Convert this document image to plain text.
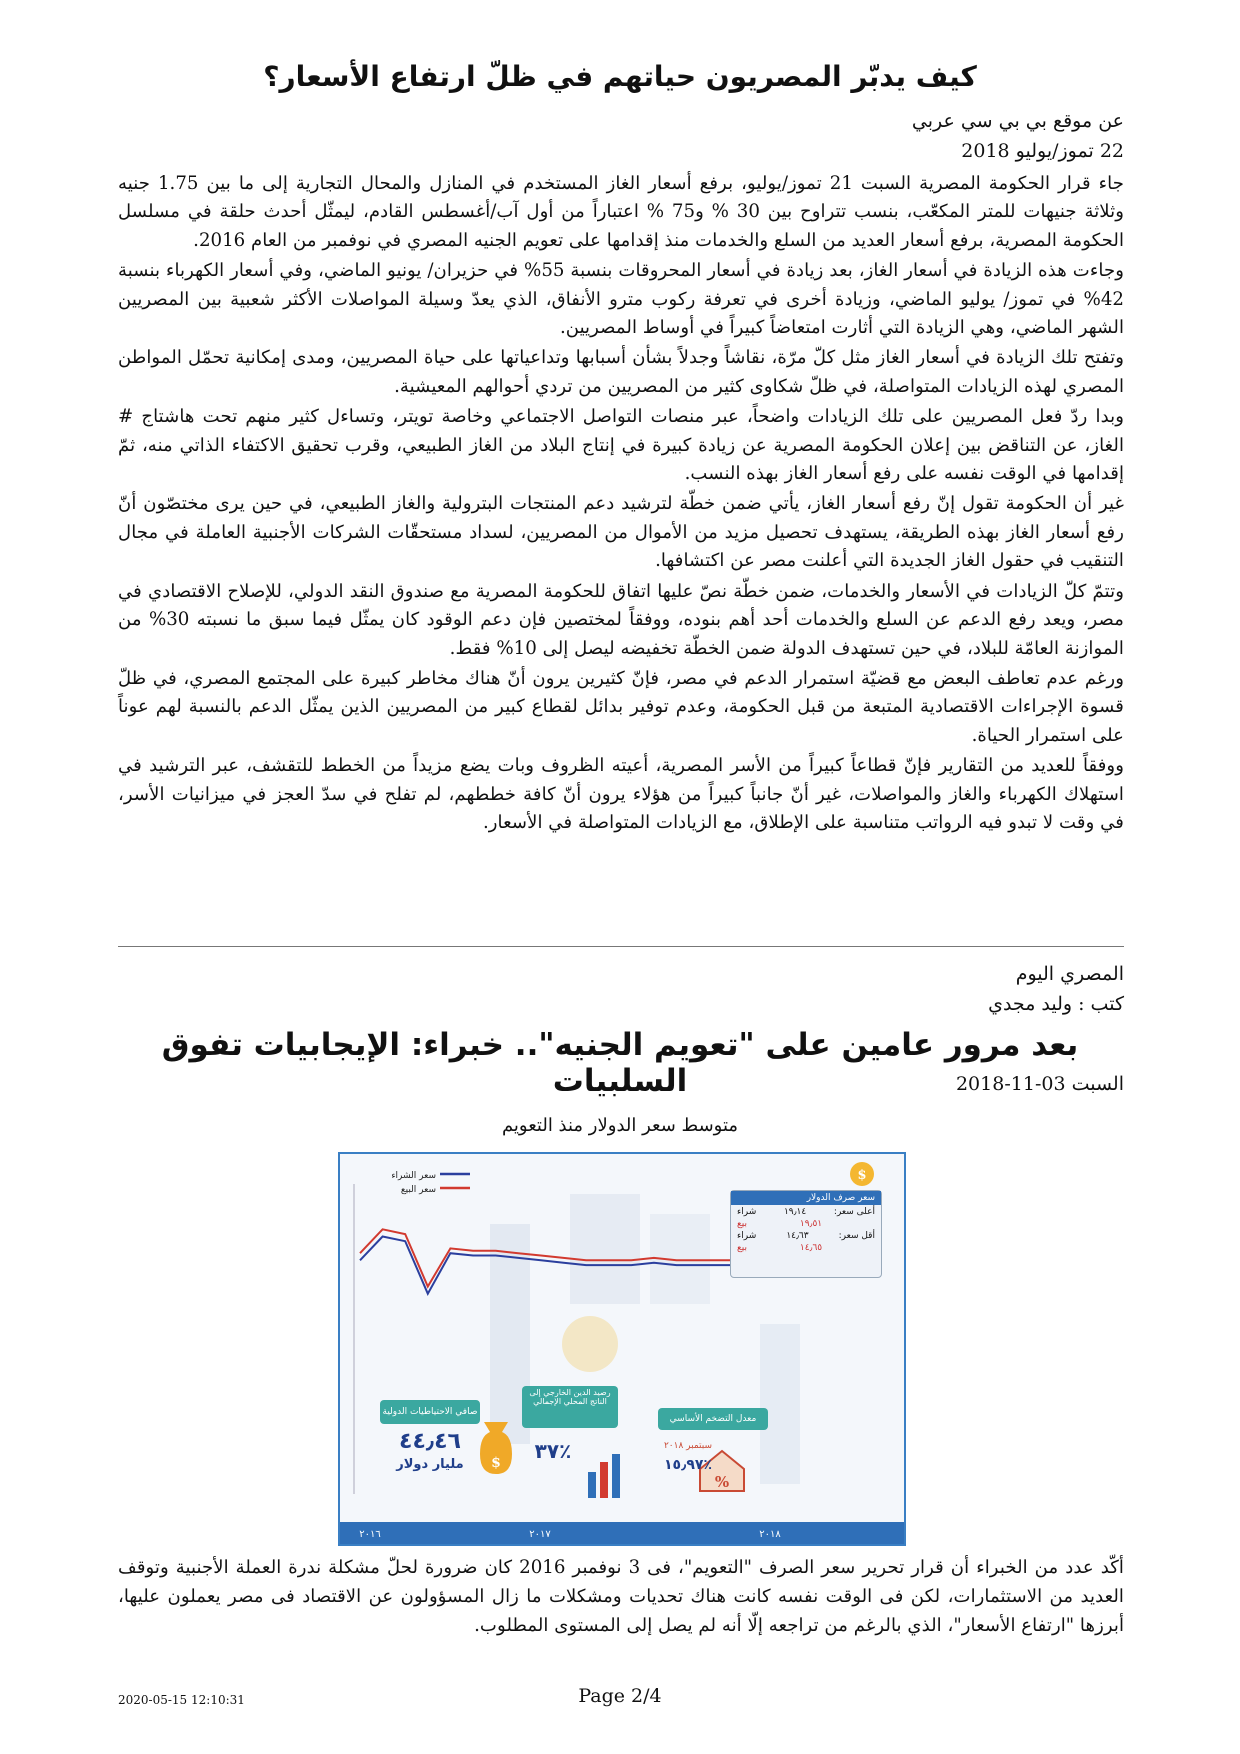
كيف يدبّر المصريون حياتهم في ظلّ ارتفاع الأسعار؟
عن موقع بي بي سي عربي
22 تموز/يوليو 2018

جاء قرار الحكومة المصرية السبت 21 تموز/يوليو، برفع أسعار الغاز المستخدم في المنازل والمحال التجارية إلى ما بين 1.75 جنيه وثلاثة جنيهات للمتر المكعّب، بنسب تتراوح بين 30 % و75 % اعتباراً من أول آب/أغسطس القادم، ليمثّل أحدث حلقة في مسلسل الحكومة المصرية، برفع أسعار العديد من السلع والخدمات منذ إقدامها على تعويم الجنيه المصري في نوفمبر من العام 2016.

وجاءت هذه الزيادة في أسعار الغاز، بعد زيادة في أسعار المحروقات بنسبة 55% في حزيران/ يونيو الماضي، وفي أسعار الكهرباء بنسبة 42% في تموز/ يوليو الماضي، وزيادة أخرى في تعرفة ركوب مترو الأنفاق، الذي يعدّ وسيلة المواصلات الأكثر شعبية بين المصريين الشهر الماضي، وهي الزيادة التي أثارت امتعاضاً كبيراً في أوساط المصريين.

وتفتح تلك الزيادة في أسعار الغاز مثل كلّ مرّة، نقاشاً وجدلاً بشأن أسبابها وتداعياتها على حياة المصريين، ومدى إمكانية تحمّل المواطن المصري لهذه الزيادات المتواصلة، في ظلّ شكاوى كثير من المصريين من تردي أحوالهم المعيشية.

وبدا ردّ فعل المصريين على تلك الزيادات واضحاً، عبر منصات التواصل الاجتماعي وخاصة تويتر، وتساءل كثير منهم تحت هاشتاج # الغاز، عن التناقض بين إعلان الحكومة المصرية عن زيادة كبيرة في إنتاج البلاد من الغاز الطبيعي، وقرب تحقيق الاكتفاء الذاتي منه، ثمّ إقدامها في الوقت نفسه على رفع أسعار الغاز بهذه النسب.

غير أن الحكومة تقول إنّ رفع أسعار الغاز، يأتي ضمن خطّة لترشيد دعم المنتجات البترولية والغاز الطبيعي، في حين يرى مختصّون أنّ رفع أسعار الغاز بهذه الطريقة، يستهدف تحصيل مزيد من الأموال من المصريين، لسداد مستحقّات الشركات الأجنبية العاملة في مجال التنقيب في حقول الغاز الجديدة التي أعلنت مصر عن اكتشافها.

وتتمّ كلّ الزيادات في الأسعار والخدمات، ضمن خطّة نصّ عليها اتفاق للحكومة المصرية مع صندوق النقد الدولي، للإصلاح الاقتصادي في مصر، ويعد رفع الدعم عن السلع والخدمات أحد أهم بنوده، ووفقاً لمختصين فإن دعم الوقود كان يمثّل فيما سبق ما نسبته 30% من الموازنة العامّة للبلاد، في حين تستهدف الدولة ضمن الخطّة تخفيضه ليصل إلى 10% فقط.

ورغم عدم تعاطف البعض مع قضيّة استمرار الدعم في مصر، فإنّ كثيرين يرون أنّ هناك مخاطر كبيرة على المجتمع المصري، في ظلّ قسوة الإجراءات الاقتصادية المتبعة من قبل الحكومة، وعدم توفير بدائل لقطاع كبير من المصريين الذين يمثّل الدعم بالنسبة لهم عوناً على استمرار الحياة.

ووفقاً للعديد من التقارير فإنّ قطاعاً كبيراً من الأسر المصرية، أعيته الظروف وبات يضع مزيداً من الخطط للتقشف، عبر الترشيد في استهلاك الكهرباء والغاز والمواصلات، غير أنّ جانباً كبيراً من هؤلاء يرون أنّ كافة خططهم، لم تفلح في سدّ العجز في ميزانيات الأسر، في وقت لا تبدو فيه الرواتب متناسبة على الإطلاق، مع الزيادات المتواصلة في الأسعار.

المصري اليوم
كتب : وليد مجدي
بعد مرور عامين على "تعويم الجنيه".. خبراء: الإيجابيات تفوق السلبيات	السبت 03-11-2018
متوسط سعر الدولار منذ التعويم
سعر الشراء
سعر البيع
$
٢٠١٦	٢٠١٧	٢٠١٨
$
%
سعر صرف الدولار
أعلى سعر:
١٩٫١٤
شراء
١٩٫٥١
بيع
أقل سعر:
١٤٫٦٣
شراء
١٤٫٦٥
بيع
صافي الاحتياطيات الدولية
٤٤٫٤٦
مليار دولار
رصيد الدين الخارجي إلى الناتج المحلي الإجمالي
٣٧٪
معدل التضخم الأساسي
سبتمبر ٢٠١٨
١٥٫٩٧٪

أكّد عدد من الخبراء أن قرار تحرير سعر الصرف "التعويم"، فى 3 نوفمبر 2016 كان ضرورة لحلّ مشكلة ندرة العملة الأجنبية وتوقف العديد من الاستثمارات، لكن فى الوقت نفسه كانت هناك تحديات ومشكلات ما زال المسؤولون عن الاقتصاد فى مصر يعملون عليها، أبرزها "ارتفاع الأسعار"، الذي بالرغم من تراجعه إلّا أنه لم يصل إلى المستوى المطلوب.

2020-05-15 12:10:31	Page 2/4
